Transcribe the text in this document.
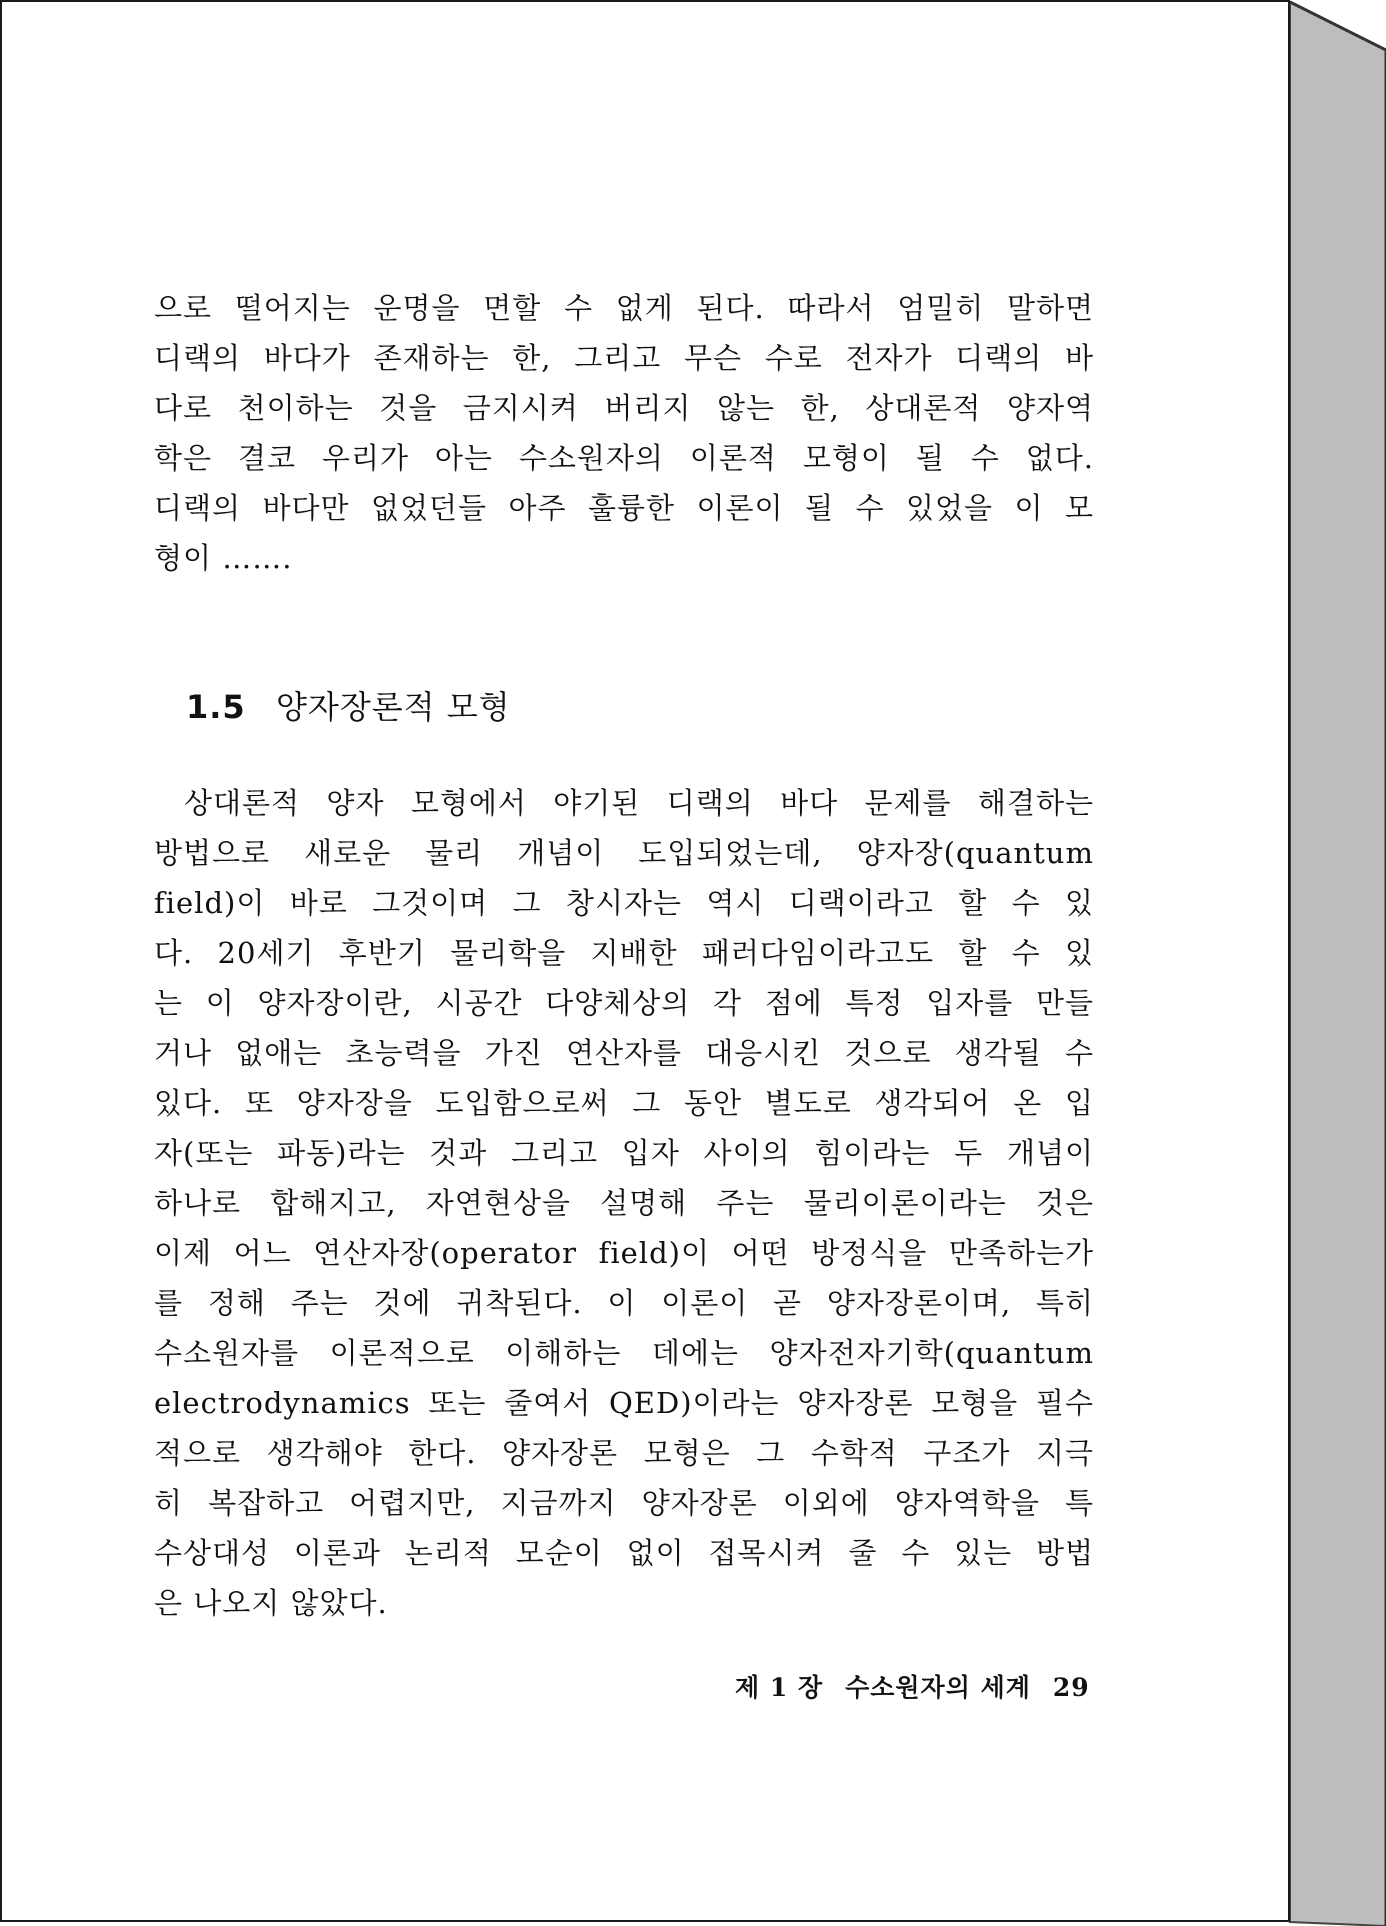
으로 떨어지는 운명을 면할 수 없게 된다. 따라서 엄밀히 말하면
디랙의 바다가 존재하는 한, 그리고 무슨 수로 전자가 디랙의 바
다로 천이하는 것을 금지시켜 버리지 않는 한, 상대론적 양자역
학은 결코 우리가 아는 수소원자의 이론적 모형이 될 수 없다.
디랙의 바다만 없었던들 아주 훌륭한 이론이 될 수 있었을 이 모
형이 …….

1.5 양자장론적 모형

상대론적 양자 모형에서 야기된 디랙의 바다 문제를 해결하는
방법으로 새로운 물리 개념이 도입되었는데, 양자장(quantum
field)이 바로 그것이며 그 창시자는 역시 디랙이라고 할 수 있
다. 20세기 후반기 물리학을 지배한 패러다임이라고도 할 수 있
는 이 양자장이란, 시공간 다양체상의 각 점에 특정 입자를 만들
거나 없애는 초능력을 가진 연산자를 대응시킨 것으로 생각될 수
있다. 또 양자장을 도입함으로써 그 동안 별도로 생각되어 온 입
자(또는 파동)라는 것과 그리고 입자 사이의 힘이라는 두 개념이
하나로 합해지고, 자연현상을 설명해 주는 물리이론이라는 것은
이제 어느 연산자장(operator field)이 어떤 방정식을 만족하는가
를 정해 주는 것에 귀착된다. 이 이론이 곧 양자장론이며, 특히
수소원자를 이론적으로 이해하는 데에는 양자전자기학(quantum
electrodynamics 또는 줄여서 QED)이라는 양자장론 모형을 필수
적으로 생각해야 한다. 양자장론 모형은 그 수학적 구조가 지극
히 복잡하고 어렵지만, 지금까지 양자장론 이외에 양자역학을 특
수상대성 이론과 논리적 모순이 없이 접목시켜 줄 수 있는 방법
은 나오지 않았다.

제 1 장 수소원자의 세계 29
